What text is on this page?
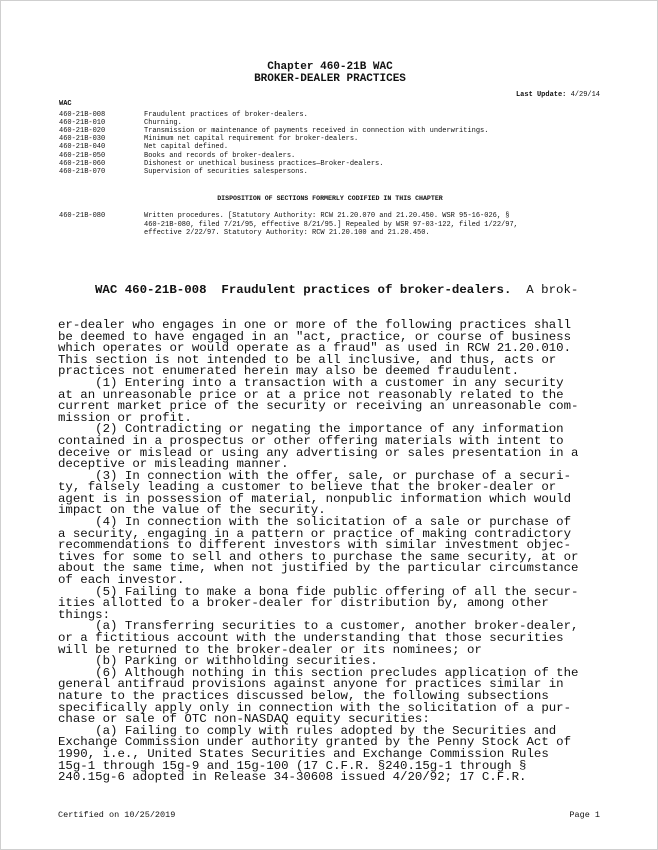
Chapter 460-21B WAC
BROKER-DEALER PRACTICES
Last Update: 4/29/14
WAC
460-21B-008	Fraudulent practices of broker-dealers.
460-21B-010	Churning.
460-21B-020	Transmission or maintenance of payments received in connection with underwritings.
460-21B-030	Minimum net capital requirement for broker-dealers.
460-21B-040	Net capital defined.
460-21B-050	Books and records of broker-dealers.
460-21B-060	Dishonest or unethical business practices—Broker-dealers.
460-21B-070	Supervision of securities salespersons.
DISPOSITION OF SECTIONS FORMERLY CODIFIED IN THIS CHAPTER
460-21B-080	Written procedures. [Statutory Authority: RCW 21.20.070 and 21.20.450. WSR 95-16-026, §
460-21B-080, filed 7/21/95, effective 8/21/95.] Repealed by WSR 97-03-122, filed 1/22/97,
effective 2/22/97. Statutory Authority: RCW 21.20.100 and 21.20.450.

WAC 460-21B-008  Fraudulent practices of broker-dealers. A brok-

er-dealer who engages in one or more of the following practices shall
be deemed to have engaged in an "act, practice, or course of business
which operates or would operate as a fraud" as used in RCW 21.20.010.
This section is not intended to be all inclusive, and thus, acts or
practices not enumerated herein may also be deemed fraudulent.
(1) Entering into a transaction with a customer in any security
at an unreasonable price or at a price not reasonably related to the
current market price of the security or receiving an unreasonable com-
mission or profit.
(2) Contradicting or negating the importance of any information
contained in a prospectus or other offering materials with intent to
deceive or mislead or using any advertising or sales presentation in a
deceptive or misleading manner.
(3) In connection with the offer, sale, or purchase of a securi-
ty, falsely leading a customer to believe that the broker-dealer or
agent is in possession of material, nonpublic information which would
impact on the value of the security.
(4) In connection with the solicitation of a sale or purchase of
a security, engaging in a pattern or practice of making contradictory
recommendations to different investors with similar investment objec-
tives for some to sell and others to purchase the same security, at or
about the same time, when not justified by the particular circumstance
of each investor.
(5) Failing to make a bona fide public offering of all the secur-
ities allotted to a broker-dealer for distribution by, among other
things:
(a) Transferring securities to a customer, another broker-dealer,
or a fictitious account with the understanding that those securities
will be returned to the broker-dealer or its nominees; or
(b) Parking or withholding securities.
(6) Although nothing in this section precludes application of the
general antifraud provisions against anyone for practices similar in
nature to the practices discussed below, the following subsections
specifically apply only in connection with the solicitation of a pur-
chase or sale of OTC non-NASDAQ equity securities:
(a) Failing to comply with rules adopted by the Securities and
Exchange Commission under authority granted by the Penny Stock Act of
1990, i.e., United States Securities and Exchange Commission Rules
15g-1 through 15g-9 and 15g-100 (17 C.F.R. §240.15g-1 through §
240.15g-6 adopted in Release 34-30608 issued 4/20/92; 17 C.F.R.

Certified on 10/25/2019	Page 1
